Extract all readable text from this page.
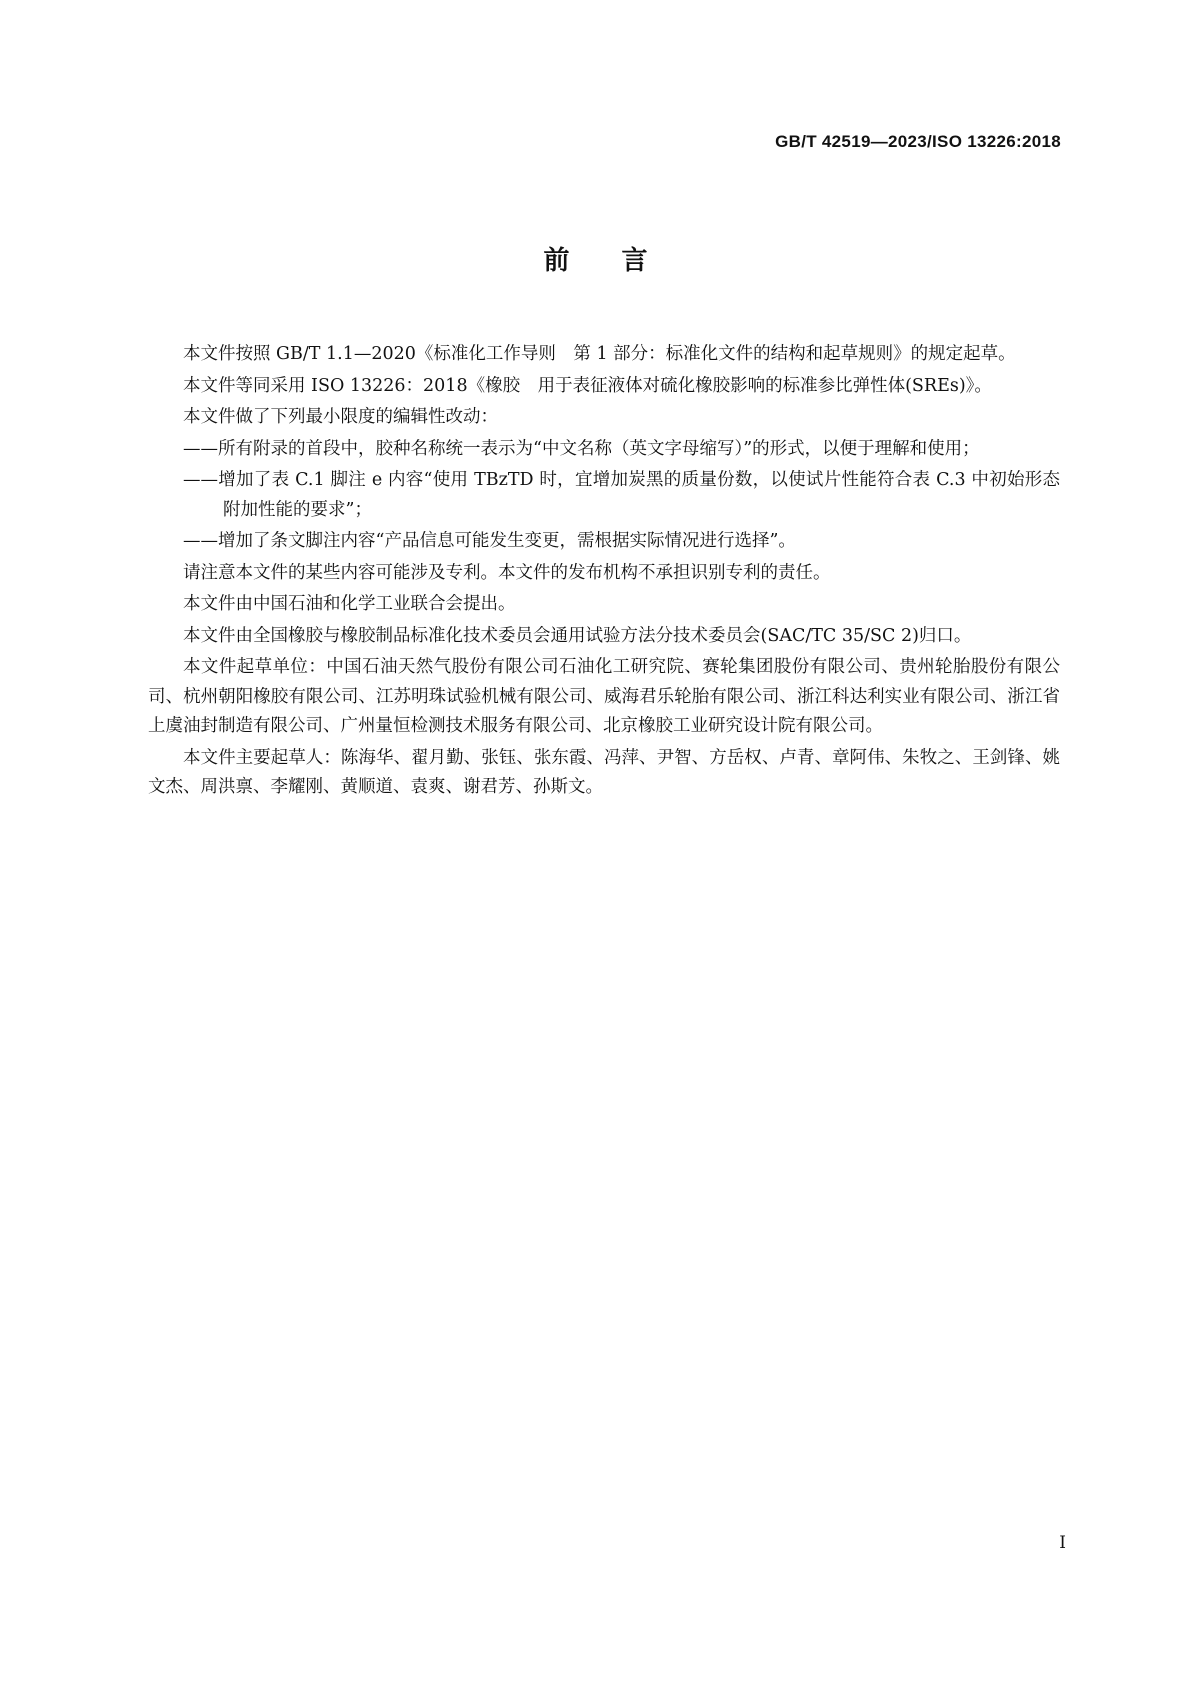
GB/T 42519—2023/ISO 13226:2018
前言

本文件按照 GB/T 1.1—2020《标准化工作导则　第 1 部分：标准化文件的结构和起草规则》的规定起草。

本文件等同采用 ISO 13226：2018《橡胶　用于表征液体对硫化橡胶影响的标准参比弹性体(SREs)》。

本文件做了下列最小限度的编辑性改动：

——所有附录的首段中，胶种名称统一表示为“中文名称（英文字母缩写）”的形式，以便于理解和使用；

——增加了表 C.1 脚注 e 内容“使用 TBzTD 时，宜增加炭黑的质量份数，以使试片性能符合表 C.3 中初始形态附加性能的要求”；

——增加了条文脚注内容“产品信息可能发生变更，需根据实际情况进行选择”。

请注意本文件的某些内容可能涉及专利。本文件的发布机构不承担识别专利的责任。

本文件由中国石油和化学工业联合会提出。

本文件由全国橡胶与橡胶制品标准化技术委员会通用试验方法分技术委员会(SAC/TC 35/SC 2)归口。

本文件起草单位：中国石油天然气股份有限公司石油化工研究院、赛轮集团股份有限公司、贵州轮胎股份有限公司、杭州朝阳橡胶有限公司、江苏明珠试验机械有限公司、威海君乐轮胎有限公司、浙江科达利实业有限公司、浙江省上虞油封制造有限公司、广州量恒检测技术服务有限公司、北京橡胶工业研究设计院有限公司。

本文件主要起草人：陈海华、翟月勤、张钰、张东霞、冯萍、尹智、方岳权、卢青、章阿伟、朱牧之、王剑锋、姚文杰、周洪禀、李耀刚、黄顺道、袁爽、谢君芳、孙斯文。

I
